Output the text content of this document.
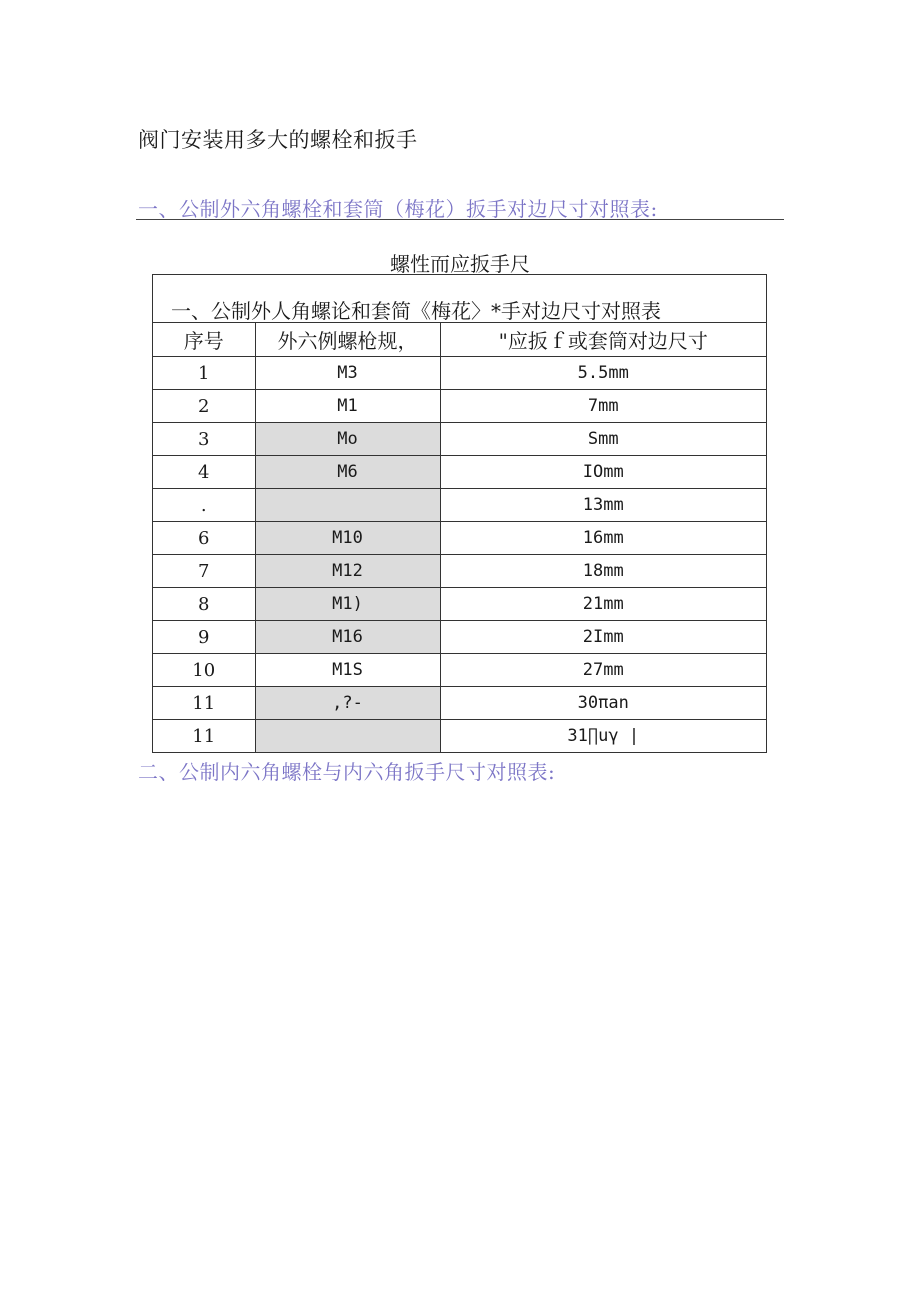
阀门安装用多大的螺栓和扳手
一、公制外六角螺栓和套筒（梅花）扳手对边尺寸对照表:
螺性而应扳手尺
一、公制外人角螺论和套简《梅花〉*手对边尺寸对照表
序号	外六例螺枪规，	"应扳ｆ或套筒对边尺寸
1	M3	5.5mm
2	M1	7mm
3	Mo	Smm
4	M6	IOmm
.		13mm
6	M10	16mm
7	M12	18mm
8	M1)	21mm
9	M16	2Imm
10	M1S	27mm
11	,?-	30πan
11		31∏uγ |
二、公制内六角螺栓与内六角扳手尺寸对照表:
